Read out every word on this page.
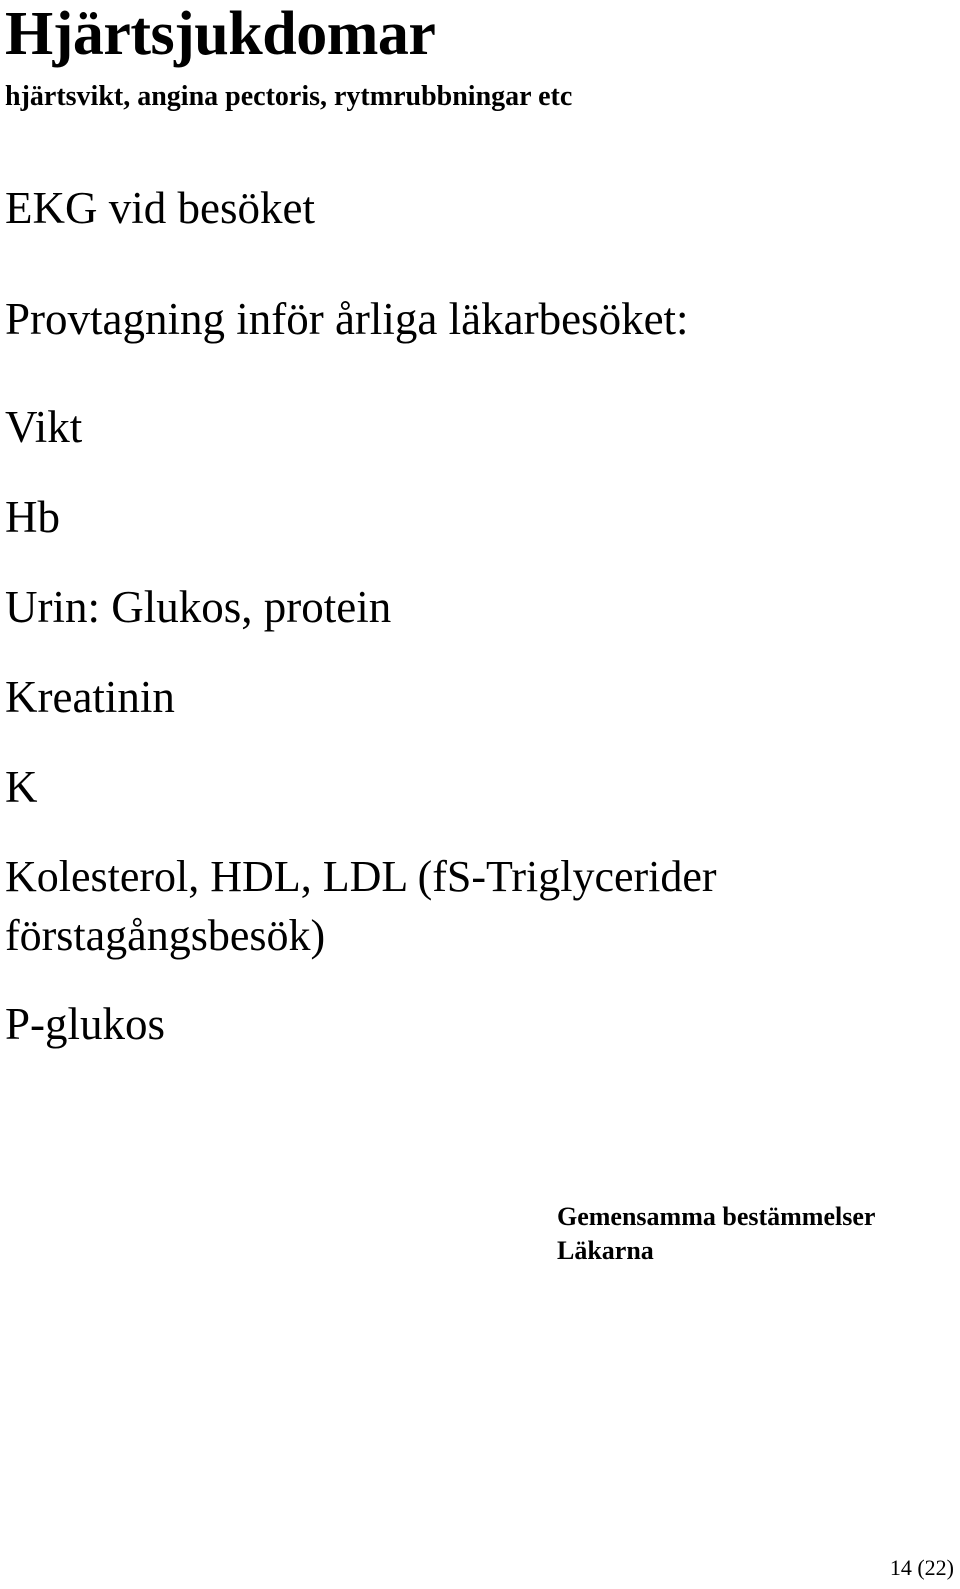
Hjärtsjukdomar
hjärtsvikt, angina pectoris, rytmrubbningar etc
EKG vid besöket
Provtagning inför årliga läkarbesöket:
Vikt
Hb
Urin: Glukos, protein
Kreatinin
K
Kolesterol, HDL, LDL (fS-Triglycerider
förstagångsbesök)
P-glukos
Gemensamma bestämmelser
Läkarna
14 (22)
